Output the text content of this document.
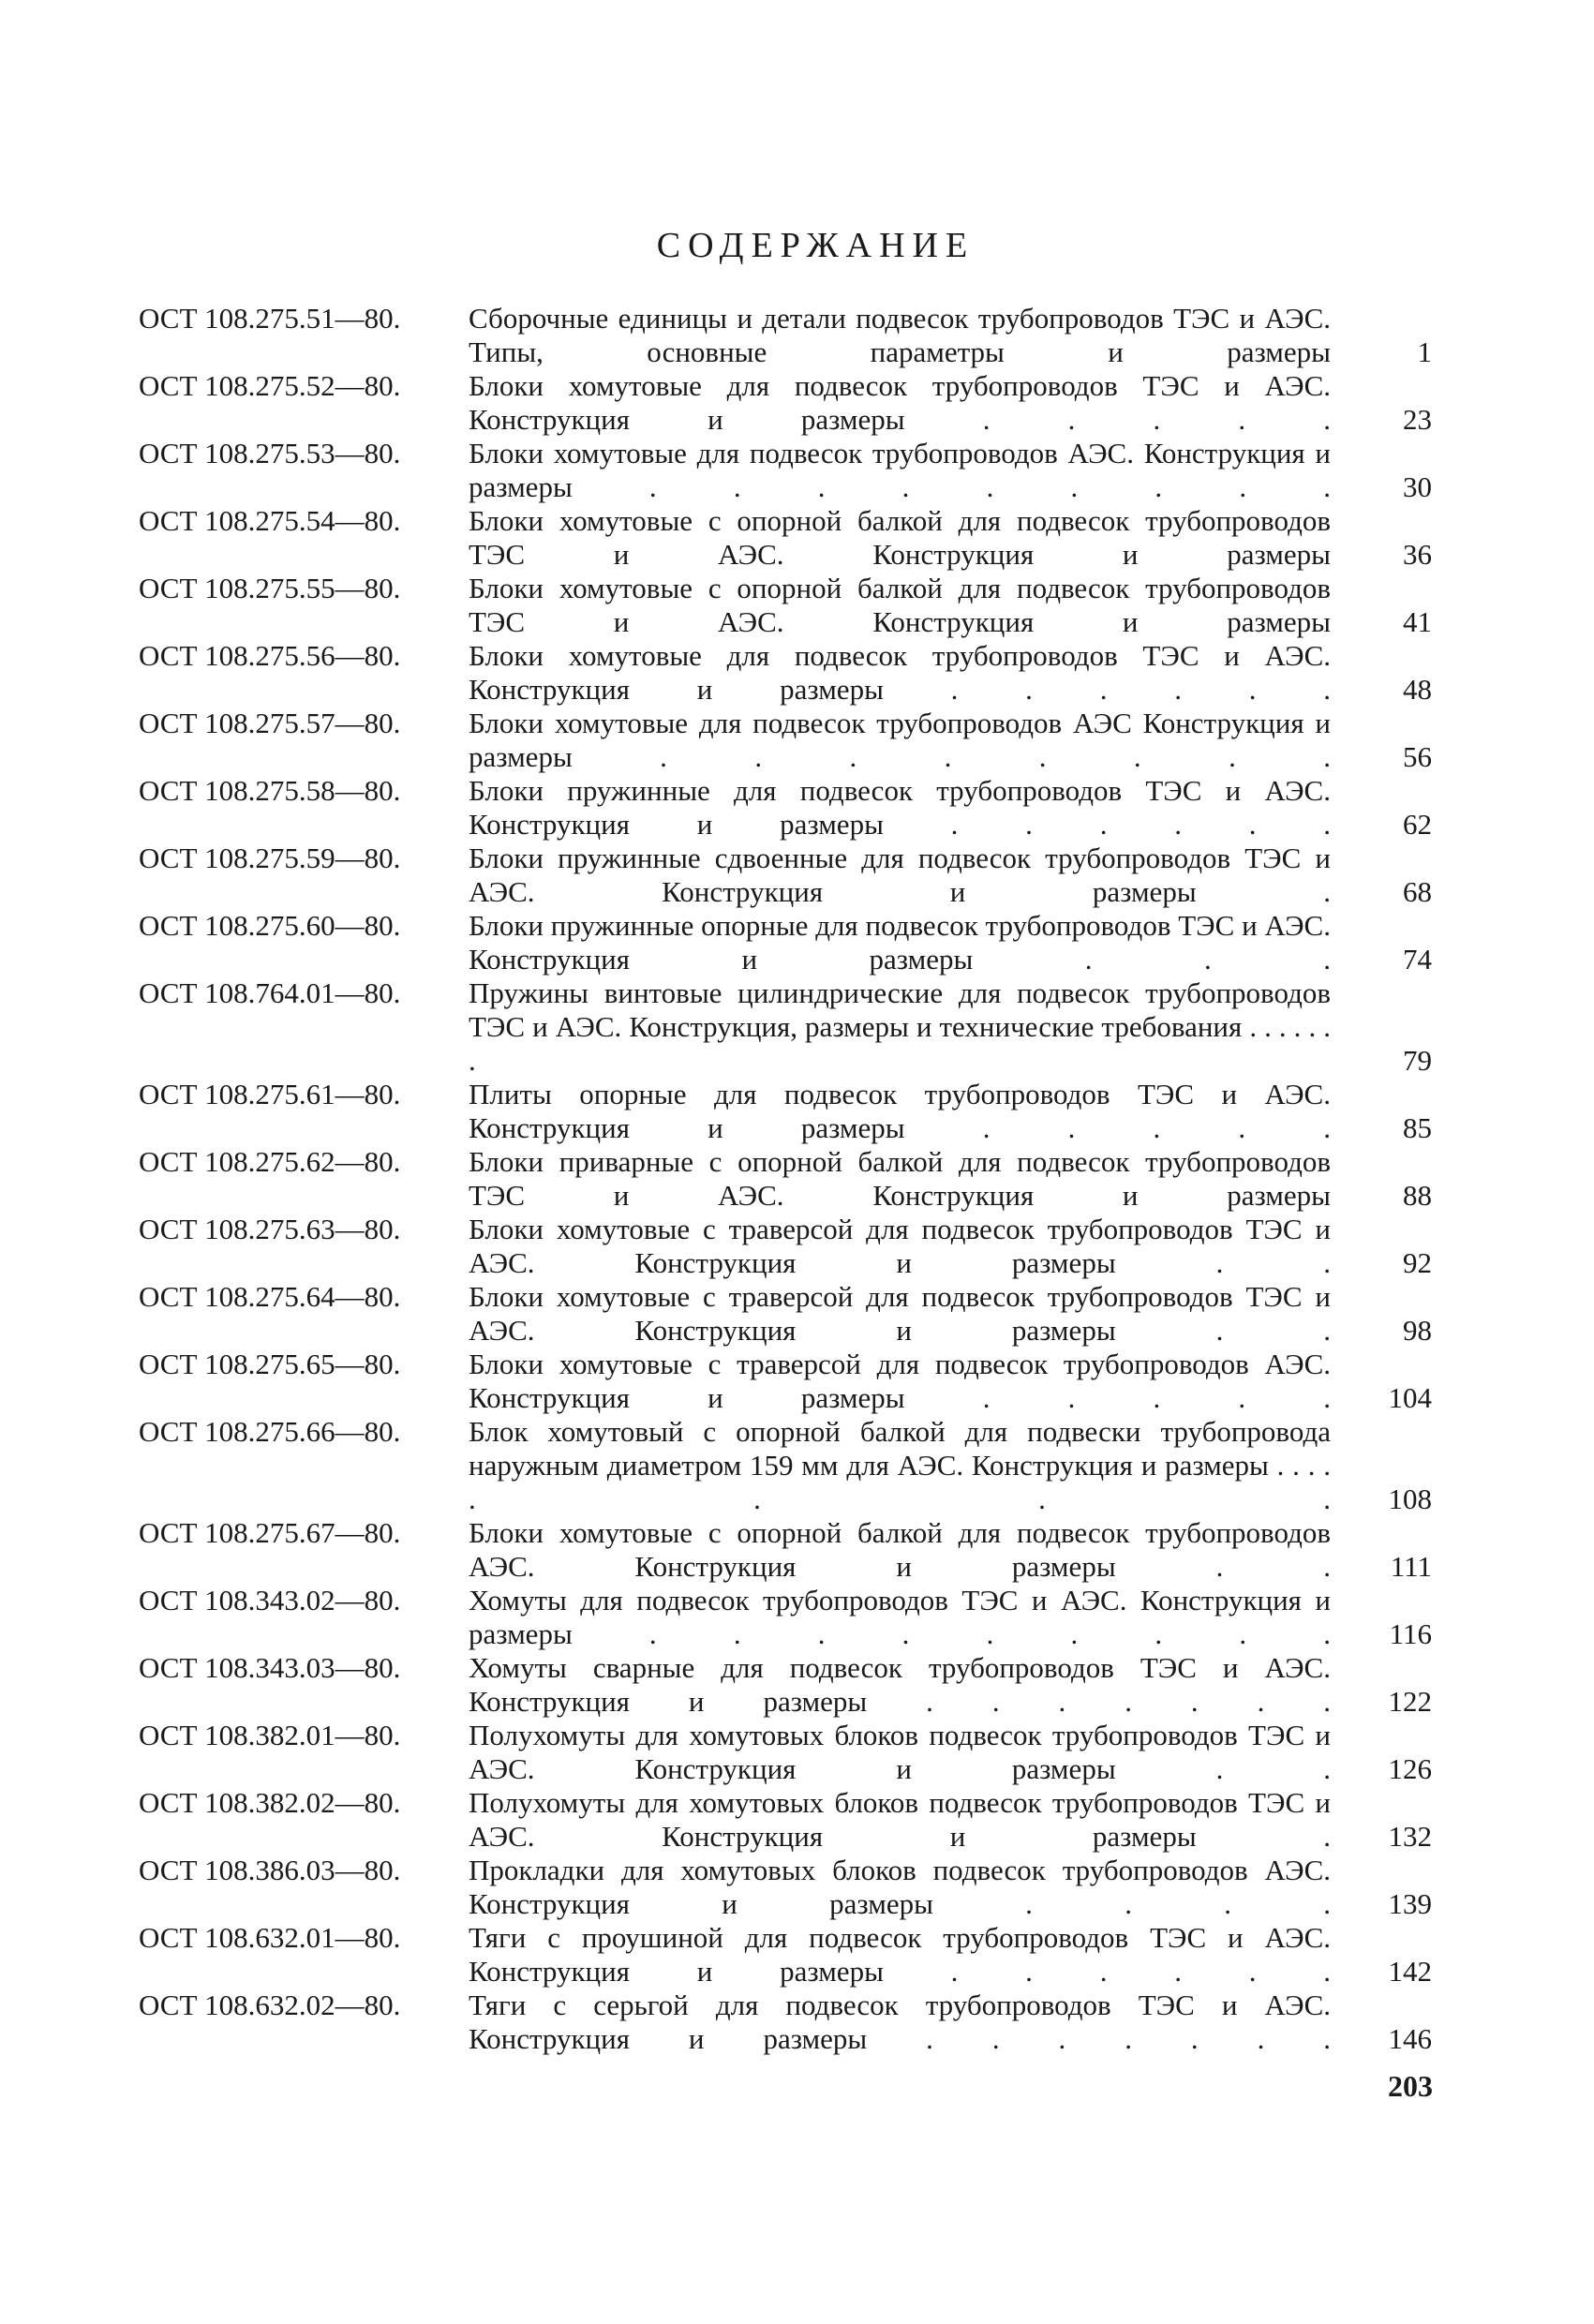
СОДЕРЖАНИЕ
ОСТ 108.275.51—80.	Сборочные единицы и детали подвесок трубопроводов ТЭС и АЭС. Типы, основные параметры и размеры	1
ОСТ 108.275.52—80.	Блоки хомутовые для подвесок трубопроводов ТЭС и АЭС. Конструкция и размеры . . . . .	23
ОСТ 108.275.53—80.	Блоки хомутовые для подвесок трубопроводов АЭС. Конструкция и размеры . . . . . . . . .	30
ОСТ 108.275.54—80.	Блоки хомутовые с опорной балкой для подвесок трубопроводов ТЭС и АЭС. Конструкция и размеры	36
ОСТ 108.275.55—80.	Блоки хомутовые с опорной балкой для подвесок трубопроводов ТЭС и АЭС. Конструкция и размеры	41
ОСТ 108.275.56—80.	Блоки хомутовые для подвесок трубопроводов ТЭС и АЭС. Конструкция и размеры . . . . . .	48
ОСТ 108.275.57—80.	Блоки хомутовые для подвесок трубопроводов АЭС Конструкция и размеры . . . . . . . .	56
ОСТ 108.275.58—80.	Блоки пружинные для подвесок трубопроводов ТЭС и АЭС. Конструкция и размеры . . . . . .	62
ОСТ 108.275.59—80.	Блоки пружинные сдвоенные для подвесок трубопроводов ТЭС и АЭС. Конструкция и размеры .	68
ОСТ 108.275.60—80.	Блоки пружинные опорные для подвесок трубопроводов ТЭС и АЭС. Конструкция и размеры . . .	74
ОСТ 108.764.01—80.	Пружины винтовые цилиндрические для подвесок трубопроводов ТЭС и АЭС. Конструкция, размеры и технические требования . . . . . . .	79
ОСТ 108.275.61—80.	Плиты опорные для подвесок трубопроводов ТЭС и АЭС. Конструкция и размеры . . . . .	85
ОСТ 108.275.62—80.	Блоки приварные с опорной балкой для подвесок трубопроводов ТЭС и АЭС. Конструкция и размеры	88
ОСТ 108.275.63—80.	Блоки хомутовые с траверсой для подвесок трубопроводов ТЭС и АЭС. Конструкция и размеры . .	92
ОСТ 108.275.64—80.	Блоки хомутовые с траверсой для подвесок трубопроводов ТЭС и АЭС. Конструкция и размеры . .	98
ОСТ 108.275.65—80.	Блоки хомутовые с траверсой для подвесок трубопроводов АЭС. Конструкция и размеры . . . . .	104
ОСТ 108.275.66—80.	Блок хомутовый с опорной балкой для подвески трубопровода наружным диаметром 159 мм для АЭС. Конструкция и размеры . . . . . . . .	108
ОСТ 108.275.67—80.	Блоки хомутовые с опорной балкой для подвесок трубопроводов АЭС. Конструкция и размеры . .	111
ОСТ 108.343.02—80.	Хомуты для подвесок трубопроводов ТЭС и АЭС. Конструкция и размеры . . . . . . . . .	116
ОСТ 108.343.03—80.	Хомуты сварные для подвесок трубопроводов ТЭС и АЭС. Конструкция и размеры . . . . . . .	122
ОСТ 108.382.01—80.	Полухомуты для хомутовых блоков подвесок трубопроводов ТЭС и АЭС. Конструкция и размеры . .	126
ОСТ 108.382.02—80.	Полухомуты для хомутовых блоков подвесок трубопроводов ТЭС и АЭС. Конструкция и размеры .	132
ОСТ 108.386.03—80.	Прокладки для хомутовых блоков подвесок трубопроводов АЭС. Конструкция и размеры . . . .	139
ОСТ 108.632.01—80.	Тяги с проушиной для подвесок трубопроводов ТЭС и АЭС. Конструкция и размеры . . . . . .	142
ОСТ 108.632.02—80.	Тяги с серьгой для подвесок трубопроводов ТЭС и АЭС. Конструкция и размеры . . . . . . .	146
203
